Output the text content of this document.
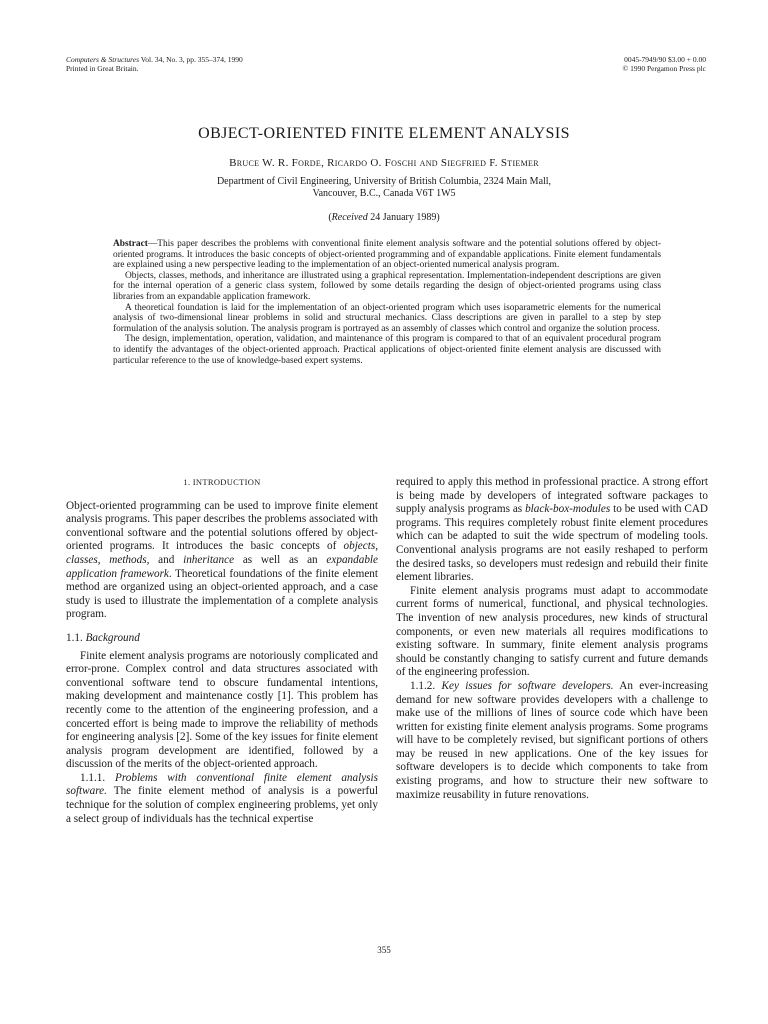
Computers & Structures Vol. 34, No. 3, pp. 355–374, 1990
Printed in Great Britain.
0045-7949/90 $3.00 + 0.00
© 1990 Pergamon Press plc
OBJECT-ORIENTED FINITE ELEMENT ANALYSIS
Bruce W. R. Forde, Ricardo O. Foschi and Siegfried F. Stiemer
Department of Civil Engineering, University of British Columbia, 2324 Main Mall,
Vancouver, B.C., Canada V6T 1W5
(Received 24 January 1989)

Abstract—This paper describes the problems with conventional finite element analysis software and the potential solutions offered by object-oriented programs. It introduces the basic concepts of object-oriented programming and of expandable applications. Finite element fundamentals are explained using a new perspective leading to the implementation of an object-oriented numerical analysis program.

Objects, classes, methods, and inheritance are illustrated using a graphical representation. Implementation-independent descriptions are given for the internal operation of a generic class system, followed by some details regarding the design of object-oriented programs using class libraries from an expandable application framework.

A theoretical foundation is laid for the implementation of an object-oriented program which uses isoparametric elements for the numerical analysis of two-dimensional linear problems in solid and structural mechanics. Class descriptions are given in parallel to a step by step formulation of the analysis solution. The analysis program is portrayed as an assembly of classes which control and organize the solution process.

The design, implementation, operation, validation, and maintenance of this program is compared to that of an equivalent procedural program to identify the advantages of the object-oriented approach. Practical applications of object-oriented finite element analysis are discussed with particular reference to the use of knowledge-based expert systems.

1. INTRODUCTION

Object-oriented programming can be used to improve finite element analysis programs. This paper describes the problems associated with conventional software and the potential solutions offered by object-oriented programs. It introduces the basic concepts of objects, classes, methods, and inheritance as well as an expandable application framework. Theoretical foundations of the finite element method are organized using an object-oriented approach, and a case study is used to illustrate the implementation of a complete analysis program.

1.1. Background

Finite element analysis programs are notoriously complicated and error-prone. Complex control and data structures associated with conventional software tend to obscure fundamental intentions, making development and maintenance costly [1]. This problem has recently come to the attention of the engineering profession, and a concerted effort is being made to improve the reliability of methods for engineering analysis [2]. Some of the key issues for finite element analysis program development are identified, followed by a discussion of the merits of the object-oriented approach.

1.1.1. Problems with conventional finite element analysis software. The finite element method of analysis is a powerful technique for the solution of complex engineering problems, yet only a select group of individuals has the technical expertise

required to apply this method in professional practice. A strong effort is being made by developers of integrated software packages to supply analysis programs as black-box-modules to be used with CAD programs. This requires completely robust finite element procedures which can be adapted to suit the wide spectrum of modeling tools. Conventional analysis programs are not easily reshaped to perform the desired tasks, so developers must redesign and rebuild their finite element libraries.

Finite element analysis programs must adapt to accommodate current forms of numerical, functional, and physical technologies. The invention of new analysis procedures, new kinds of structural components, or even new materials all requires modifications to existing software. In summary, finite element analysis programs should be constantly changing to satisfy current and future demands of the engineering profession.

1.1.2. Key issues for software developers. An ever-increasing demand for new software provides developers with a challenge to make use of the millions of lines of source code which have been written for existing finite element analysis programs. Some programs will have to be completely revised, but significant portions of others may be reused in new applications. One of the key issues for software developers is to decide which components to take from existing programs, and how to structure their new software to maximize reusability in future renovations.

355
